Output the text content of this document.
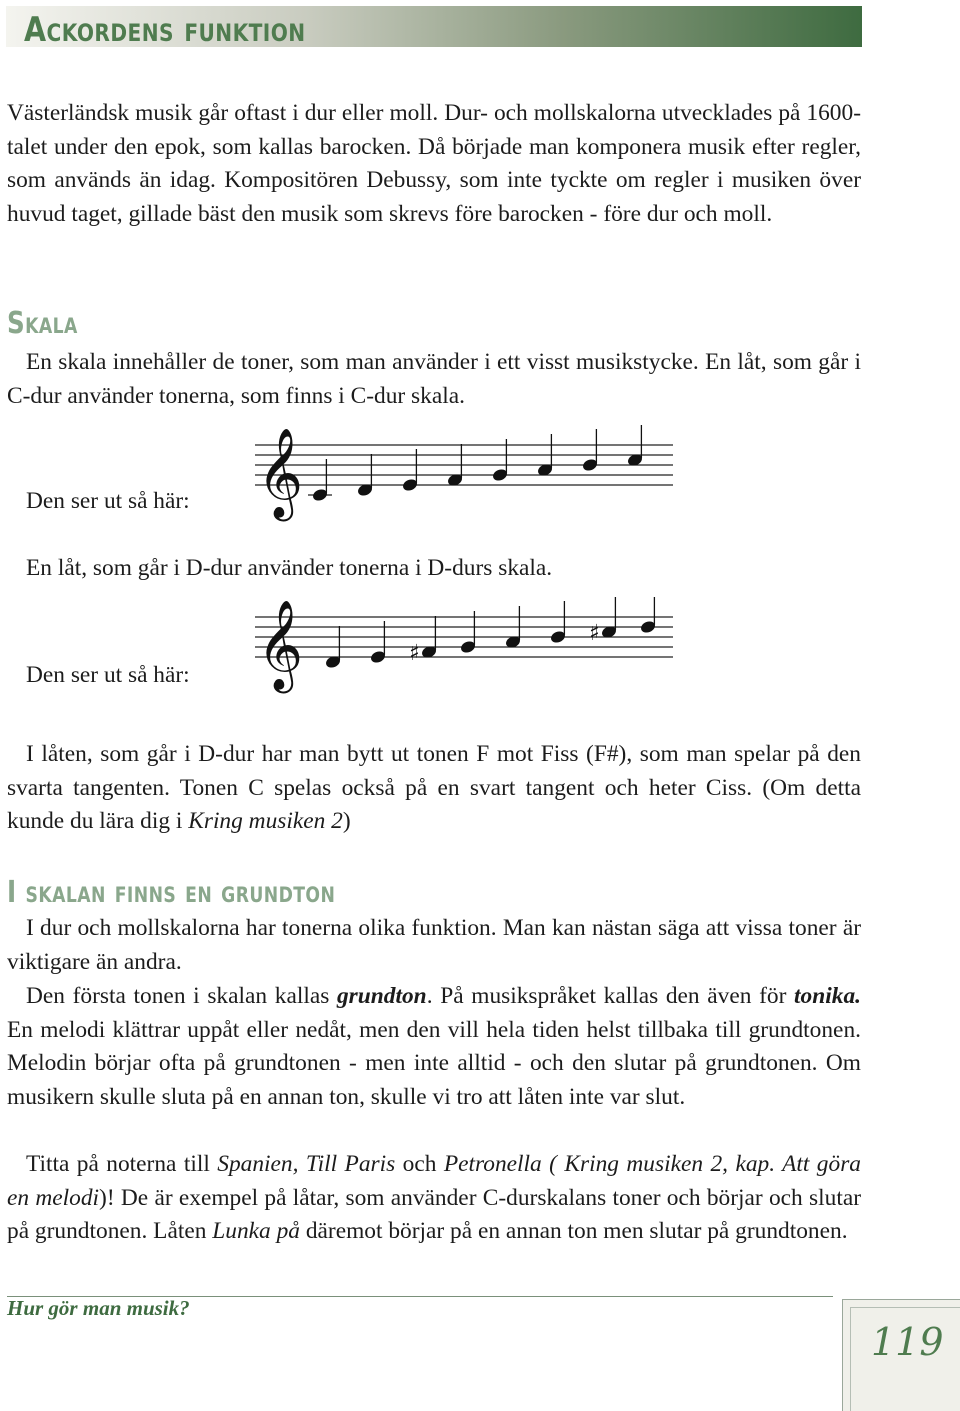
Ackordens funktion

Västerländsk musik går oftast i dur eller moll. Dur- och mollskalorna utvecklades på 1600-talet under den epok, som kallas barocken. Då började man komponera musik efter regler, som används än idag. Kompositören Debussy, som inte tyckte om regler i musiken över huvud taget, gillade bäst den musik som skrevs före barocken - före dur och moll.

Skala

En skala innehåller de toner, som man använder i ett visst musikstycke. En låt, som går i C-dur använder tonerna, som finns i C-dur skala.

Den ser ut så här: 𝄞

En låt, som går i D-dur använder tonerna i D-durs skala.

Den ser ut så här: 𝄞	♯
♯

I låten, som går i D-dur har man bytt ut tonen F mot Fiss (F#), som man spelar på den svarta tangenten. Tonen C spelas också på en svart tangent och heter Ciss. (Om detta kunde du lära dig i Kring musiken 2)

I skalan finns en grundton

I dur och mollskalorna har tonerna olika funktion. Man kan nästan säga att vissa toner är viktigare än andra.

Den första tonen i skalan kallas grundton. På musikspråket kallas den även för tonika. En melodi klättrar uppåt eller nedåt, men den vill hela tiden helst tillbaka till grundtonen. Melodin börjar ofta på grundtonen - men inte alltid - och den slutar på grundtonen. Om musikern skulle sluta på en annan ton, skulle vi tro att låten inte var slut.

Titta på noterna till Spanien, Till Paris och Petronella ( Kring musiken 2, kap. Att göra en melodi)! De är exempel på låtar, som använder C-durskalans toner och börjar och slutar på grundtonen. Låten Lunka på däremot börjar på en annan ton men slutar på grundtonen.

Hur gör man musik?
119
